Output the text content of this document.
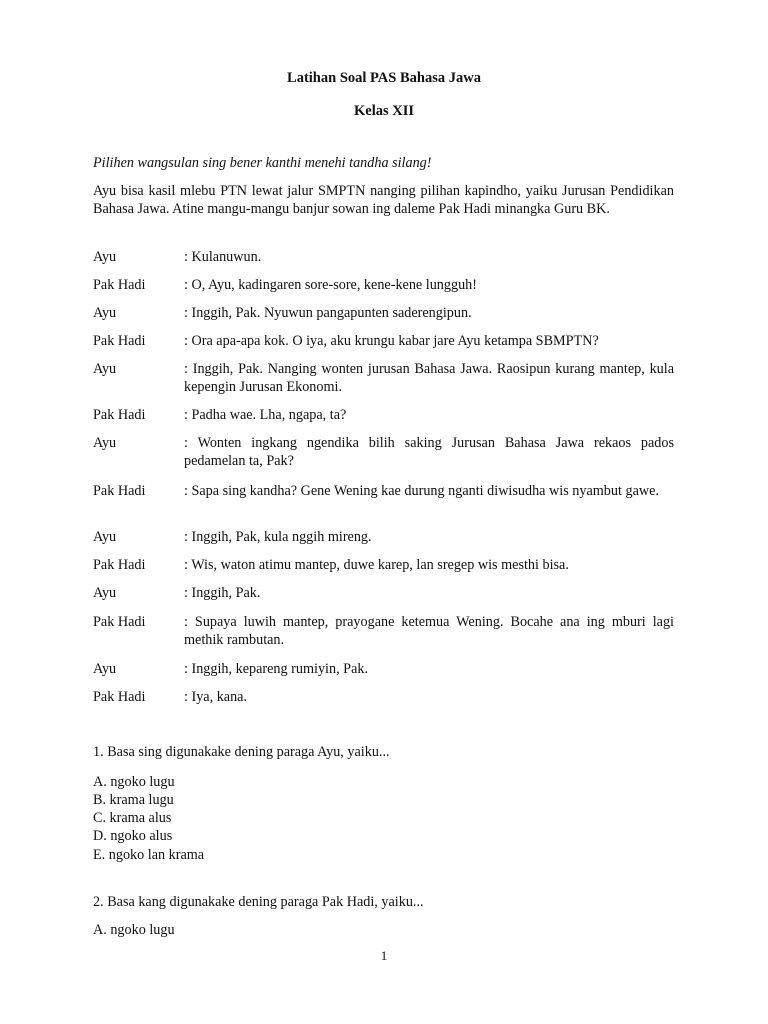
Latihan Soal PAS Bahasa Jawa
Kelas XII
Pilihen wangsulan sing bener kanthi menehi tandha silang!
Ayu bisa kasil mlebu PTN lewat jalur SMPTN nanging pilihan kapindho, yaiku Jurusan Pendidikan Bahasa Jawa. Atine mangu-mangu banjur sowan ing daleme Pak Hadi minangka Guru BK.
Ayu	: Kulanuwun.
Pak Hadi	: O, Ayu, kadingaren sore-sore, kene-kene lungguh!
Ayu	: Inggih, Pak. Nyuwun pangapunten saderengipun.
Pak Hadi	: Ora apa-apa kok. O iya, aku krungu kabar jare Ayu ketampa SBMPTN?
Ayu	: Inggih, Pak. Nanging wonten jurusan Bahasa Jawa. Raosipun kurang mantep, kula kepengin Jurusan Ekonomi.
Pak Hadi	: Padha wae. Lha, ngapa, ta?
Ayu	: Wonten ingkang ngendika bilih saking Jurusan Bahasa Jawa rekaos pados pedamelan ta, Pak?
Pak Hadi	: Sapa sing kandha? Gene Wening kae durung nganti diwisudha wis nyambut gawe.
Ayu	: Inggih, Pak, kula nggih mireng.
Pak Hadi	: Wis, waton atimu mantep, duwe karep, lan sregep wis mesthi bisa.
Ayu	: Inggih, Pak.
Pak Hadi	: Supaya luwih mantep, prayogane ketemua Wening. Bocahe ana ing mburi lagi methik rambutan.
Ayu	: Inggih, kepareng rumiyin, Pak.
Pak Hadi	: Iya, kana.
1. Basa sing digunakake dening paraga Ayu, yaiku...
A. ngoko lugu
B. krama lugu
C. krama alus
D. ngoko alus
E. ngoko lan krama
2. Basa kang digunakake dening paraga Pak Hadi, yaiku...
A. ngoko lugu
1
